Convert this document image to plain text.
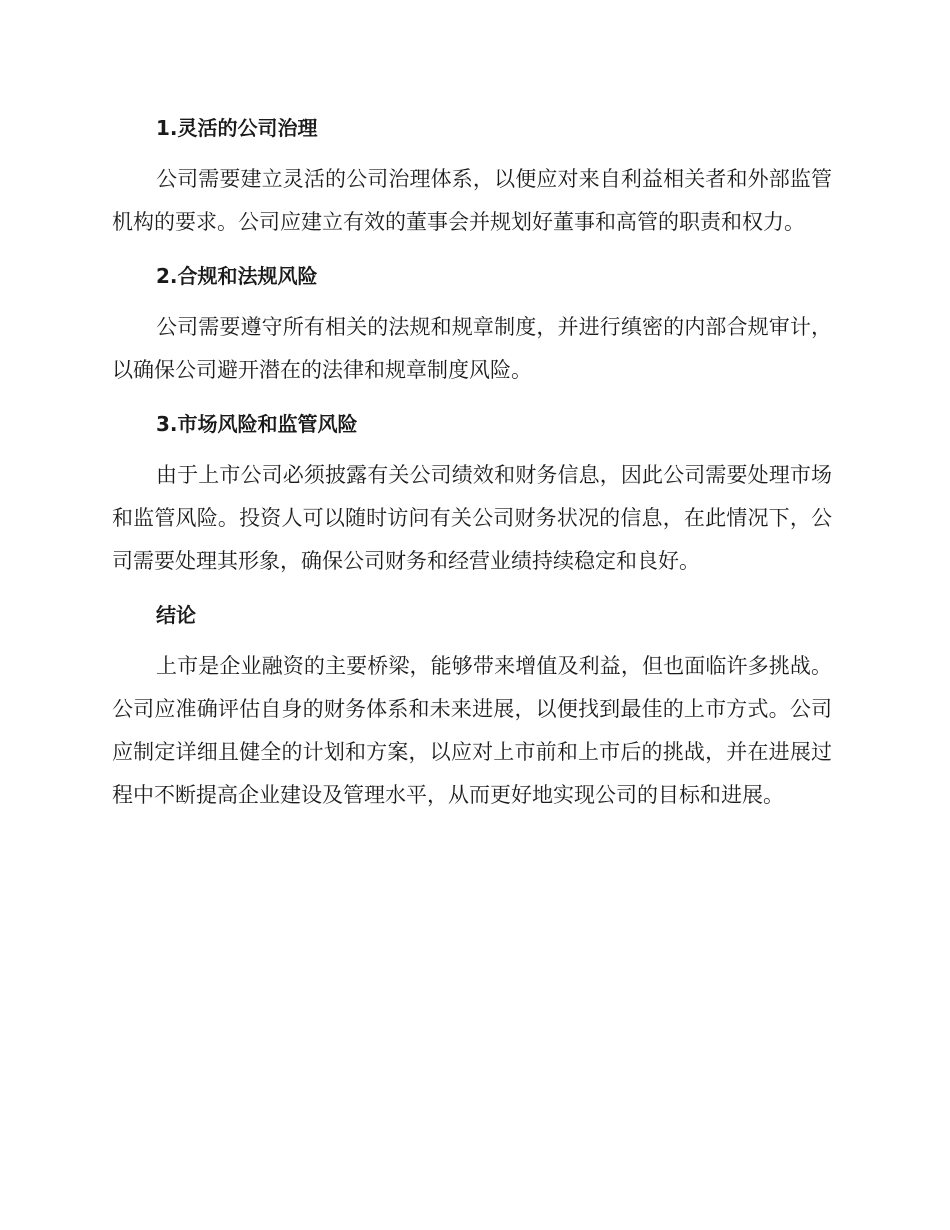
1.灵活的公司治理

公司需要建立灵活的公司治理体系，以便应对来自利益相关者和外部监管机构的要求。公司应建立有效的董事会并规划好董事和高管的职责和权力。

2.合规和法规风险

公司需要遵守所有相关的法规和规章制度，并进行缜密的内部合规审计，以确保公司避开潜在的法律和规章制度风险。

3.市场风险和监管风险

由于上市公司必须披露有关公司绩效和财务信息，因此公司需要处理市场和监管风险。投资人可以随时访问有关公司财务状况的信息，在此情况下，公司需要处理其形象，确保公司财务和经营业绩持续稳定和良好。

结论

上市是企业融资的主要桥梁，能够带来增值及利益，但也面临许多挑战。公司应准确评估自身的财务体系和未来进展，以便找到最佳的上市方式。公司应制定详细且健全的计划和方案，以应对上市前和上市后的挑战，并在进展过程中不断提高企业建设及管理水平，从而更好地实现公司的目标和进展。
